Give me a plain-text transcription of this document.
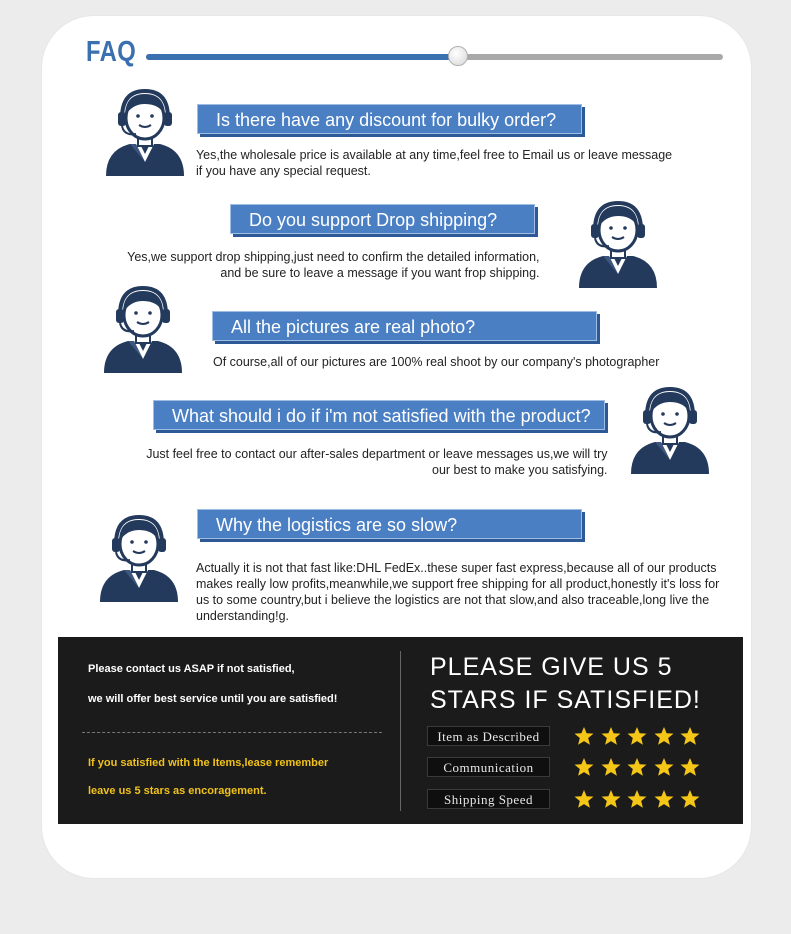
FAQ
Is there have any discount for bulky order?
Yes,the wholesale price is available at any time,feel free to Email us or leave message
if you have any special request.
Do you support Drop shipping?
Yes,we support drop shipping,just need to confirm the detailed information,
and be sure to leave a message if you want frop shipping.
All the pictures are real photo?
Of course,all of our pictures are 100% real shoot by our company's photographer
What should i do if i'm not satisfied with the product?
Just feel free to contact our after-sales department or leave messages us,we will try
our best to make you satisfying.
Why the logistics are so slow?
Actually it is not that fast like:DHL FedEx..these super fast express,because all of our products
makes really low profits,meanwhile,we support free shipping for all product,honestly it's loss for
us to some country,but i believe the logistics are not that slow,and also traceable,long live the
understanding!g.
Please contact us ASAP if not satisfied,
we will offer best service until you are satisfied!
If you satisfied with the Items,lease remember
leave us 5 stars as encoragement.
PLEASE GIVE US 5
STARS IF SATISFIED!
Item as Described
Communication
Shipping Speed
